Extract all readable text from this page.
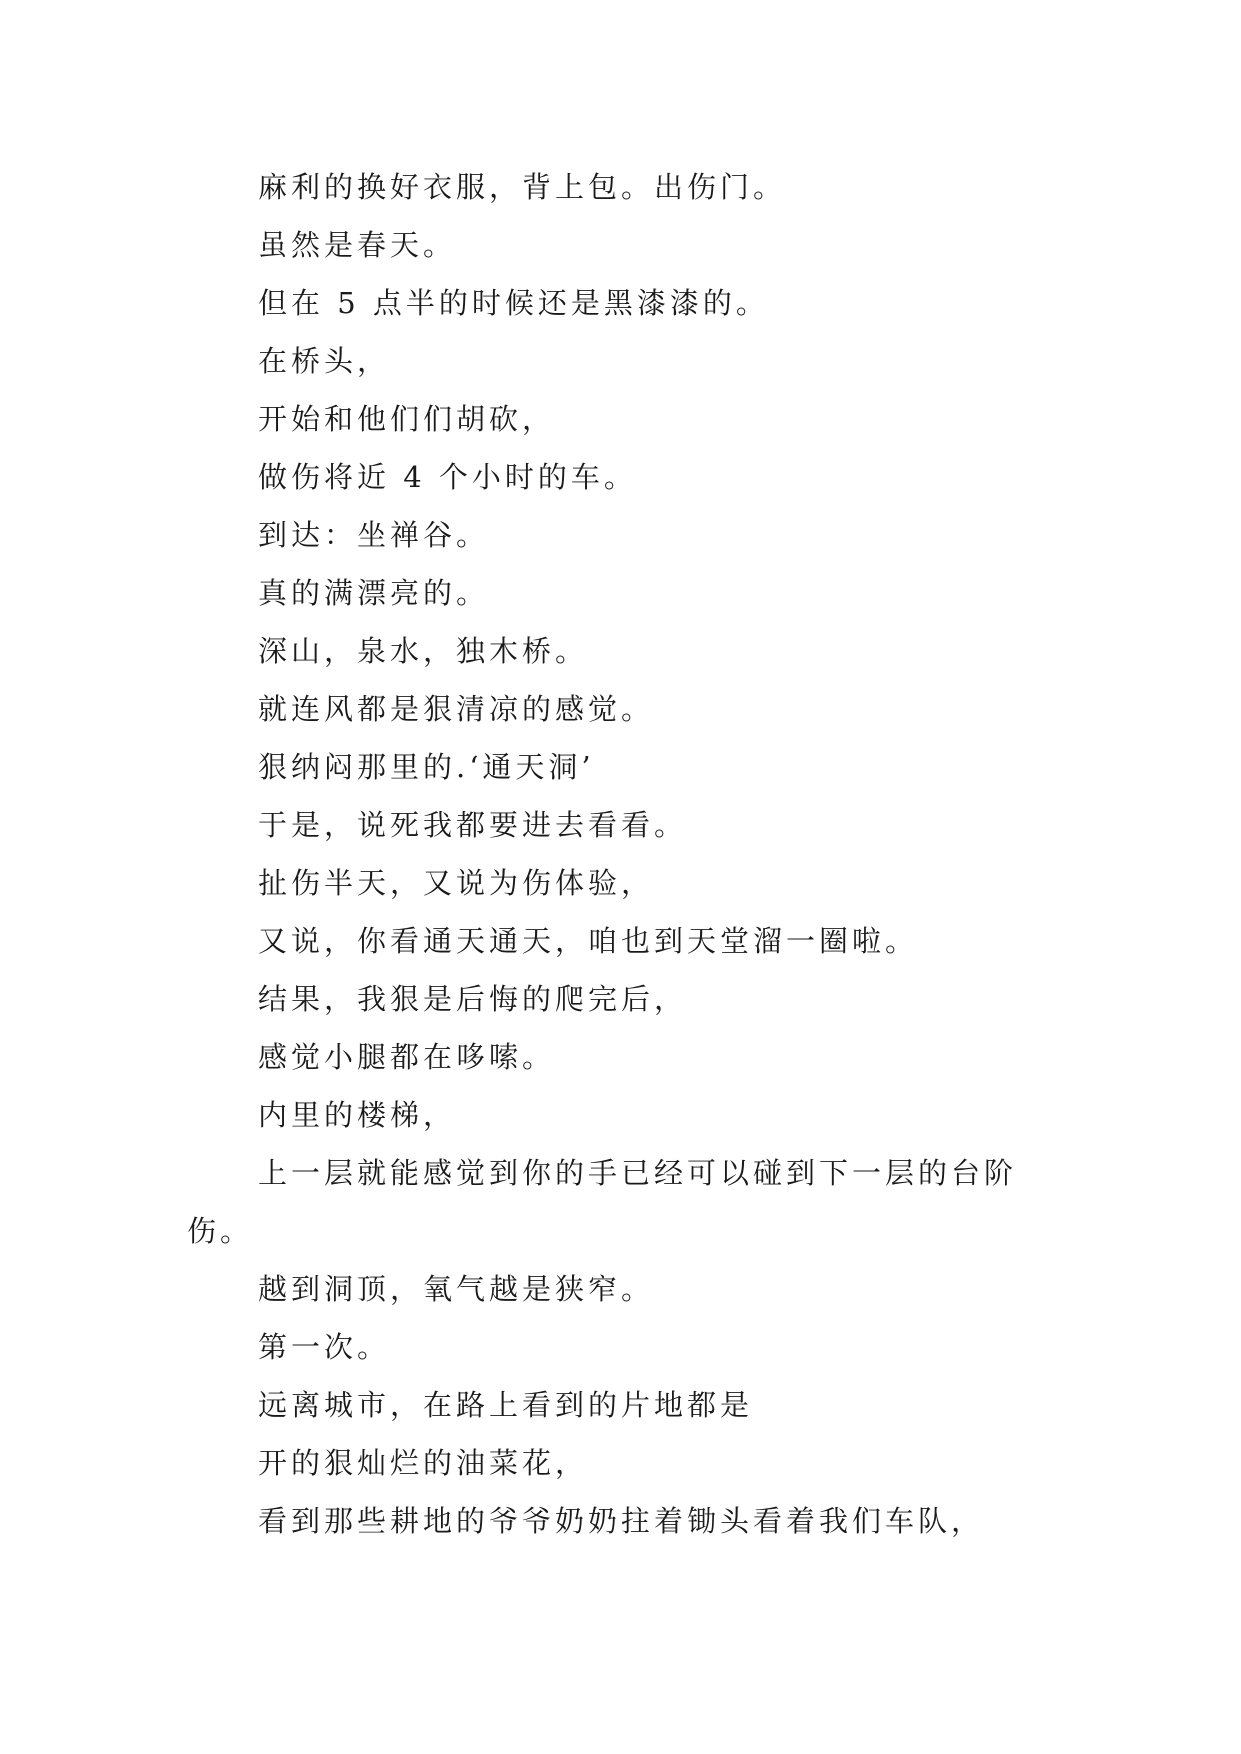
麻利的换好衣服，背上包。出伤门。

虽然是春天。

但在 5 点半的时候还是黑漆漆的。

在桥头，

开始和他们们胡砍，

做伤将近 4 个小时的车。

到达：坐禅谷。

真的满漂亮的。

深山，泉水，独木桥。

就连风都是狠清凉的感觉。

狠纳闷那里的.‘通天洞’

于是，说死我都要进去看看。

扯伤半天，又说为伤体验，

又说，你看通天通天，咱也到天堂溜一圈啦。

结果，我狠是后悔的爬完后，

感觉小腿都在哆嗦。

内里的楼梯，

上一层就能感觉到你的手已经可以碰到下一层的台阶伤。

越到洞顶，氧气越是狭窄。

第一次。

远离城市，在路上看到的片地都是

开的狠灿烂的油菜花，

看到那些耕地的爷爷奶奶拄着锄头看着我们车队，
